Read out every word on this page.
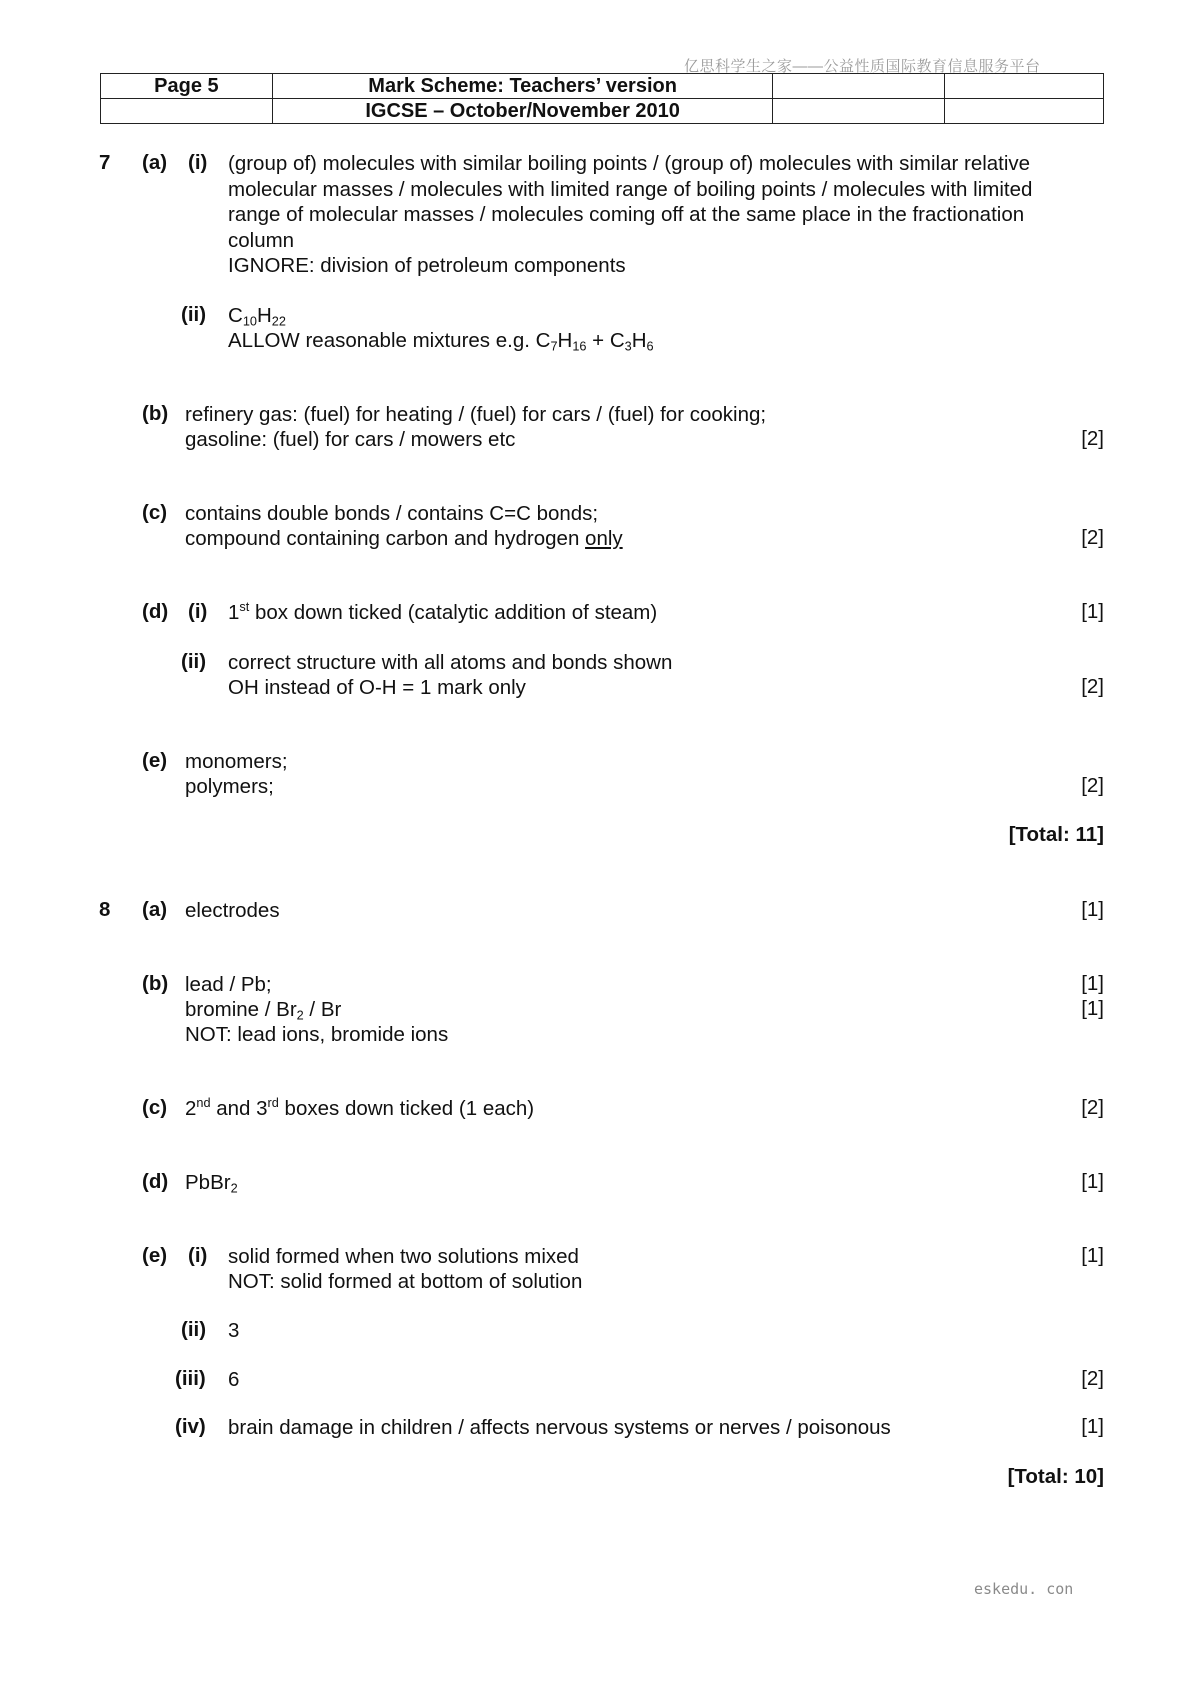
亿思科学生之家——公益性质国际教育信息服务平台
Page 5	Mark Scheme: Teachers’ version		
	IGCSE – October/November 2010		
7 (a) (i) (group of) molecules with similar boiling points / (group of) molecules with similar relative
molecular masses / molecules with limited range of boiling points / molecules with limited
range of molecular masses / molecules coming off at the same place in the fractionation
column
IGNORE: division of petroleum components
(ii) $C_{10}H_{22}$
ALLOW reasonable mixtures e.g. $C_7H_{16} + C_3H_6$
(b) refinery gas: (fuel) for heating / (fuel) for cars / (fuel) for cooking;
gasoline: (fuel) for cars / mowers etc	[2]
(c) contains double bonds / contains C=C bonds;
compound containing carbon and hydrogen only	[2]
(d) (i) 1st box down ticked (catalytic addition of steam)	[1]
(ii) correct structure with all atoms and bonds shown
OH instead of O-H = 1 mark only	[2]
(e) monomers;
polymers;	[2]
[Total: 11]
8 (a) electrodes	[1]
(b) lead / Pb;	[1]
bromine / $Br_2$ / Br	[1]
NOT: lead ions, bromide ions
(c) 2nd and 3rd boxes down ticked (1 each)	[2]
(d) PbBr$_2$	[1]
(e) (i) solid formed when two solutions mixed	[1]
NOT: solid formed at bottom of solution
(ii) 3
(iii) 6	[2]
(iv) brain damage in children / affects nervous systems or nerves / poisonous	[1]
[Total: 10]
eskedu. con
